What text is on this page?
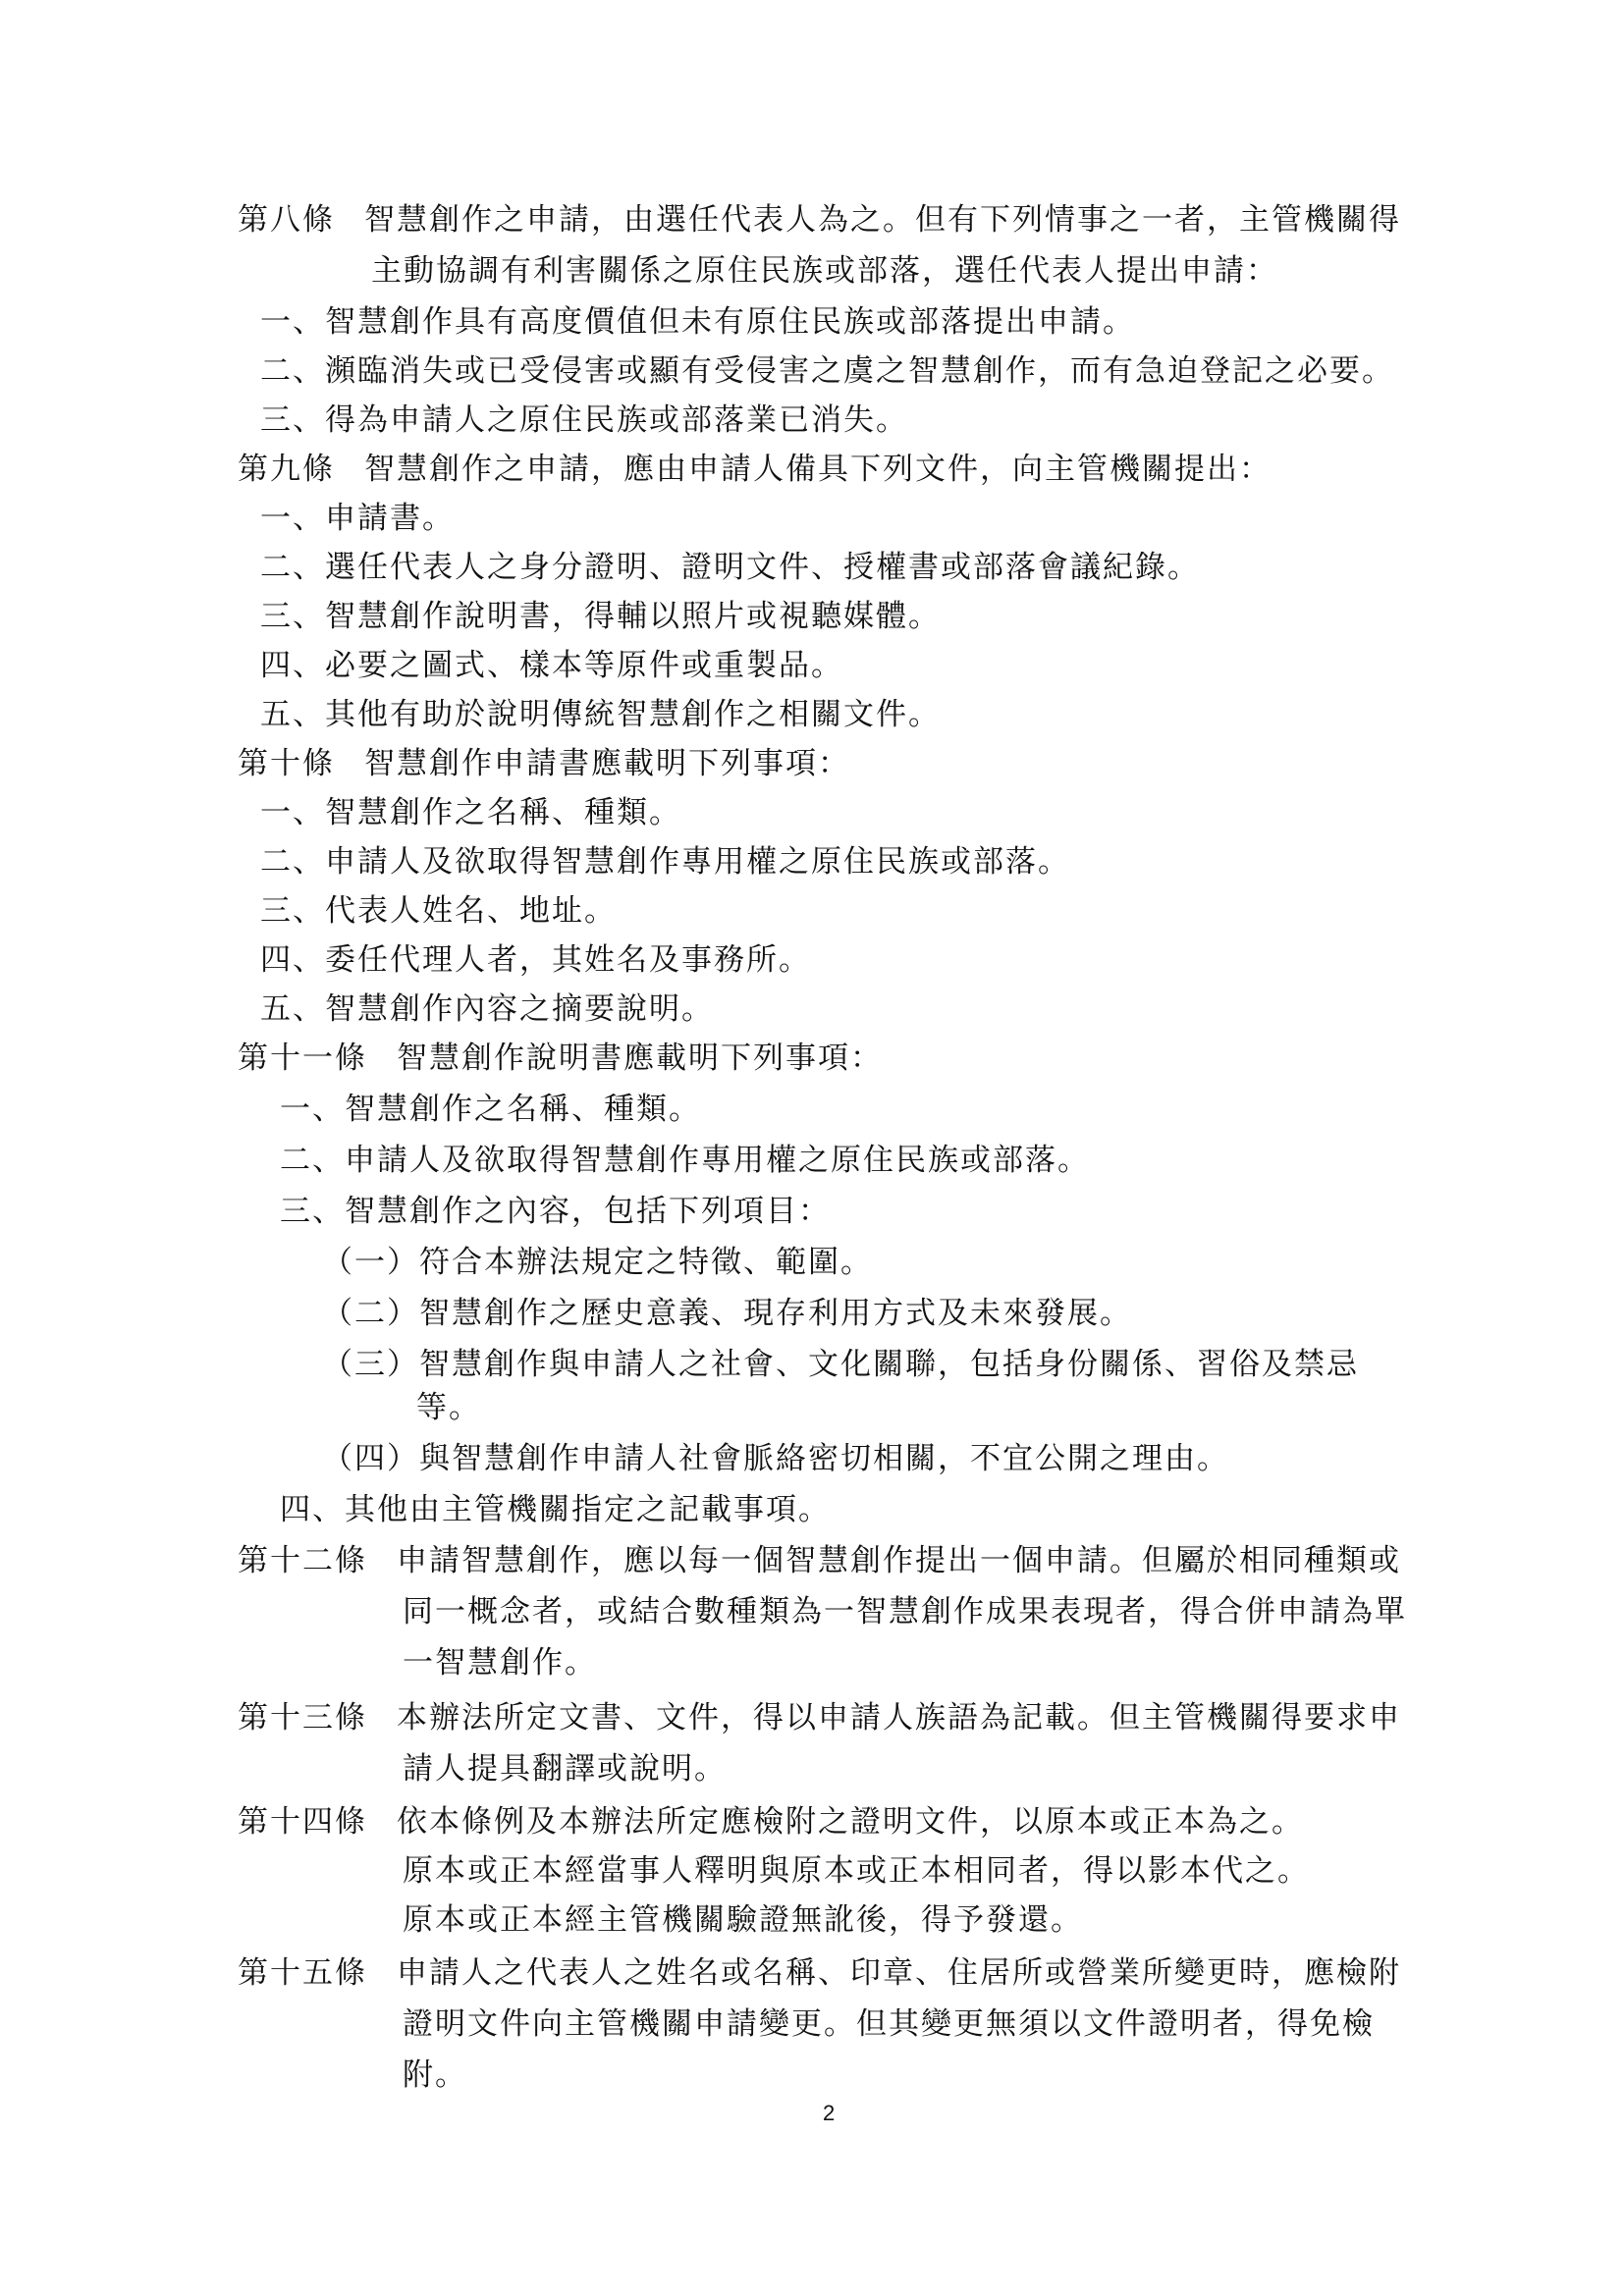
第八條 智慧創作之申請，由選任代表人為之。但有下列情事之一者，主管機關得
主動協調有利害關係之原住民族或部落，選任代表人提出申請：
一、智慧創作具有高度價值但未有原住民族或部落提出申請。
二、瀕臨消失或已受侵害或顯有受侵害之虞之智慧創作，而有急迫登記之必要。
三、得為申請人之原住民族或部落業已消失。
第九條 智慧創作之申請，應由申請人備具下列文件，向主管機關提出：
一、申請書。
二、選任代表人之身分證明、證明文件、授權書或部落會議紀錄。
三、智慧創作說明書，得輔以照片或視聽媒體。
四、必要之圖式、樣本等原件或重製品。
五、其他有助於說明傳統智慧創作之相關文件。
第十條 智慧創作申請書應載明下列事項：
一、智慧創作之名稱、種類。
二、申請人及欲取得智慧創作專用權之原住民族或部落。
三、代表人姓名、地址。
四、委任代理人者，其姓名及事務所。
五、智慧創作內容之摘要說明。
第十一條 智慧創作說明書應載明下列事項：
一、智慧創作之名稱、種類。
二、申請人及欲取得智慧創作專用權之原住民族或部落。
三、智慧創作之內容，包括下列項目：
（一）符合本辦法規定之特徵、範圍。
（二）智慧創作之歷史意義、現存利用方式及未來發展。
（三）智慧創作與申請人之社會、文化關聯，包括身份關係、習俗及禁忌
等。
（四）與智慧創作申請人社會脈絡密切相關，不宜公開之理由。
四、其他由主管機關指定之記載事項。
第十二條 申請智慧創作，應以每一個智慧創作提出一個申請。但屬於相同種類或
同一概念者，或結合數種類為一智慧創作成果表現者，得合併申請為單
一智慧創作。
第十三條 本辦法所定文書、文件，得以申請人族語為記載。但主管機關得要求申
請人提具翻譯或說明。
第十四條 依本條例及本辦法所定應檢附之證明文件，以原本或正本為之。
原本或正本經當事人釋明與原本或正本相同者，得以影本代之。
原本或正本經主管機關驗證無訛後，得予發還。
第十五條 申請人之代表人之姓名或名稱、印章、住居所或營業所變更時，應檢附
證明文件向主管機關申請變更。但其變更無須以文件證明者，得免檢
附。
2
